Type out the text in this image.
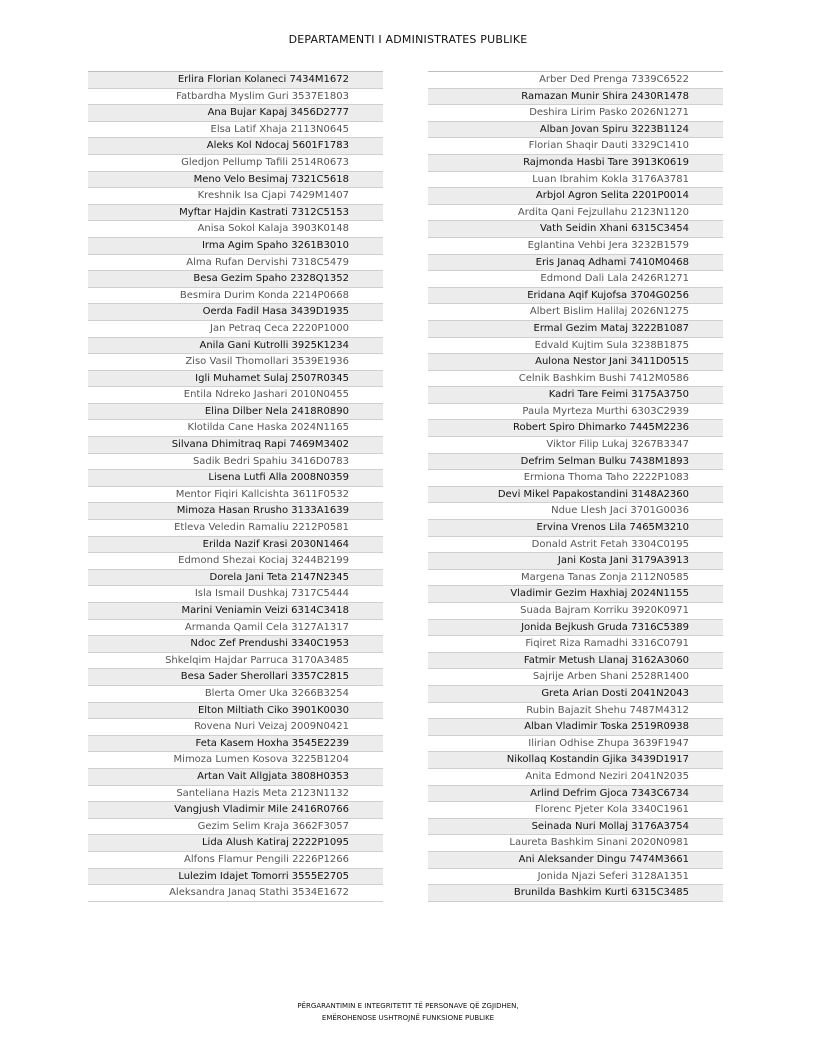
DEPARTAMENTI I ADMINISTRATES PUBLIKE
Erlira Florian Kolaneci 7434M1672
Fatbardha Myslim Guri 3537E1803
Ana Bujar Kapaj 3456D2777
Elsa Latif Xhaja 2113N0645
Aleks Kol Ndocaj 5601F1783
Gledjon Pellump Tafili 2514R0673
Meno Velo Besimaj 7321C5618
Kreshnik Isa Cjapi 7429M1407
Myftar Hajdin Kastrati 7312C5153
Anisa Sokol Kalaja 3903K0148
Irma Agim Spaho 3261B3010
Alma Rufan Dervishi 7318C5479
Besa Gezim Spaho 2328Q1352
Besmira Durim Konda 2214P0668
Oerda Fadil Hasa 3439D1935
Jan Petraq Ceca 2220P1000
Anila Gani Kutrolli 3925K1234
Ziso Vasil Thomollari 3539E1936
Igli Muhamet Sulaj 2507R0345
Entila Ndreko Jashari 2010N0455
Elina Dilber Nela 2418R0890
Klotilda Cane Haska 2024N1165
Silvana Dhimitraq Rapi 7469M3402
Sadik Bedri Spahiu 3416D0783
Lisena Lutfi Alla 2008N0359
Mentor Fiqiri Kallcishta 3611F0532
Mimoza Hasan Rrusho 3133A1639
Etleva Veledin Ramaliu 2212P0581
Erilda Nazif Krasi 2030N1464
Edmond Shezai Kociaj 3244B2199
Dorela Jani Teta 2147N2345
Isla Ismail Dushkaj 7317C5444
Marini Veniamin Veizi 6314C3418
Armanda Qamil Cela 3127A1317
Ndoc Zef Prendushi 3340C1953
Shkelqim Hajdar Parruca 3170A3485
Besa Sader Sherollari 3357C2815
Blerta Omer Uka 3266B3254
Elton Miltiath Ciko 3901K0030
Rovena Nuri Veizaj 2009N0421
Feta Kasem Hoxha 3545E2239
Mimoza Lumen Kosova 3225B1204
Artan Vait Allgjata 3808H0353
Santeliana Hazis Meta 2123N1132
Vangjush Vladimir Mile 2416R0766
Gezim Selim Kraja 3662F3057
Lida Alush Katiraj 2222P1095
Alfons Flamur Pengili 2226P1266
Lulezim Idajet Tomorri 3555E2705
Aleksandra Janaq Stathi 3534E1672
Arber Ded Prenga 7339C6522
Ramazan Munir Shira 2430R1478
Deshira Lirim Pasko 2026N1271
Alban Jovan Spiru 3223B1124
Florian Shaqir Dauti 3329C1410
Rajmonda Hasbi Tare 3913K0619
Luan Ibrahim Kokla 3176A3781
Arbjol Agron Selita 2201P0014
Ardita Qani Fejzullahu 2123N1120
Vath Seidin Xhani 6315C3454
Eglantina Vehbi Jera 3232B1579
Eris Janaq Adhami 7410M0468
Edmond Dali Lala 2426R1271
Eridana Aqif Kujofsa 3704G0256
Albert Bislim Halilaj 2026N1275
Ermal Gezim Mataj 3222B1087
Edvald Kujtim Sula 3238B1875
Aulona Nestor Jani 3411D0515
Celnik Bashkim Bushi 7412M0586
Kadri Tare Feimi 3175A3750
Paula Myrteza Murthi 6303C2939
Robert Spiro Dhimarko 7445M2236
Viktor Filip Lukaj 3267B3347
Defrim Selman Bulku 7438M1893
Ermiona Thoma Taho 2222P1083
Devi Mikel Papakostandini 3148A2360
Ndue Llesh Jaci 3701G0036
Ervina Vrenos Lila 7465M3210
Donald Astrit Fetah 3304C0195
Jani Kosta Jani 3179A3913
Margena Tanas Zonja 2112N0585
Vladimir Gezim Haxhiaj 2024N1155
Suada Bajram Korriku 3920K0971
Jonida Bejkush Gruda 7316C5389
Fiqiret Riza Ramadhi 3316C0791
Fatmir Metush Llanaj 3162A3060
Sajrije Arben Shani 2528R1400
Greta Arian Dosti 2041N2043
Rubin Bajazit Shehu 7487M4312
Alban Vladimir Toska 2519R0938
Ilirian Odhise Zhupa 3639F1947
Nikollaq Kostandin Gjika 3439D1917
Anita Edmond Neziri 2041N2035
Arlind Defrim Gjoca 7343C6734
Florenc Pjeter Kola 3340C1961
Seinada Nuri Mollaj 3176A3754
Laureta Bashkim Sinani 2020N0981
Ani Aleksander Dingu 7474M3661
Jonida Njazi Seferi 3128A1351
Brunilda Bashkim Kurti 6315C3485
PËRGARANTIMIN E INTEGRITETIT TË PERSONAVE QË ZGJIDHEN,
EMËROHENOSE USHTROJNË FUNKSIONE PUBLIKE
